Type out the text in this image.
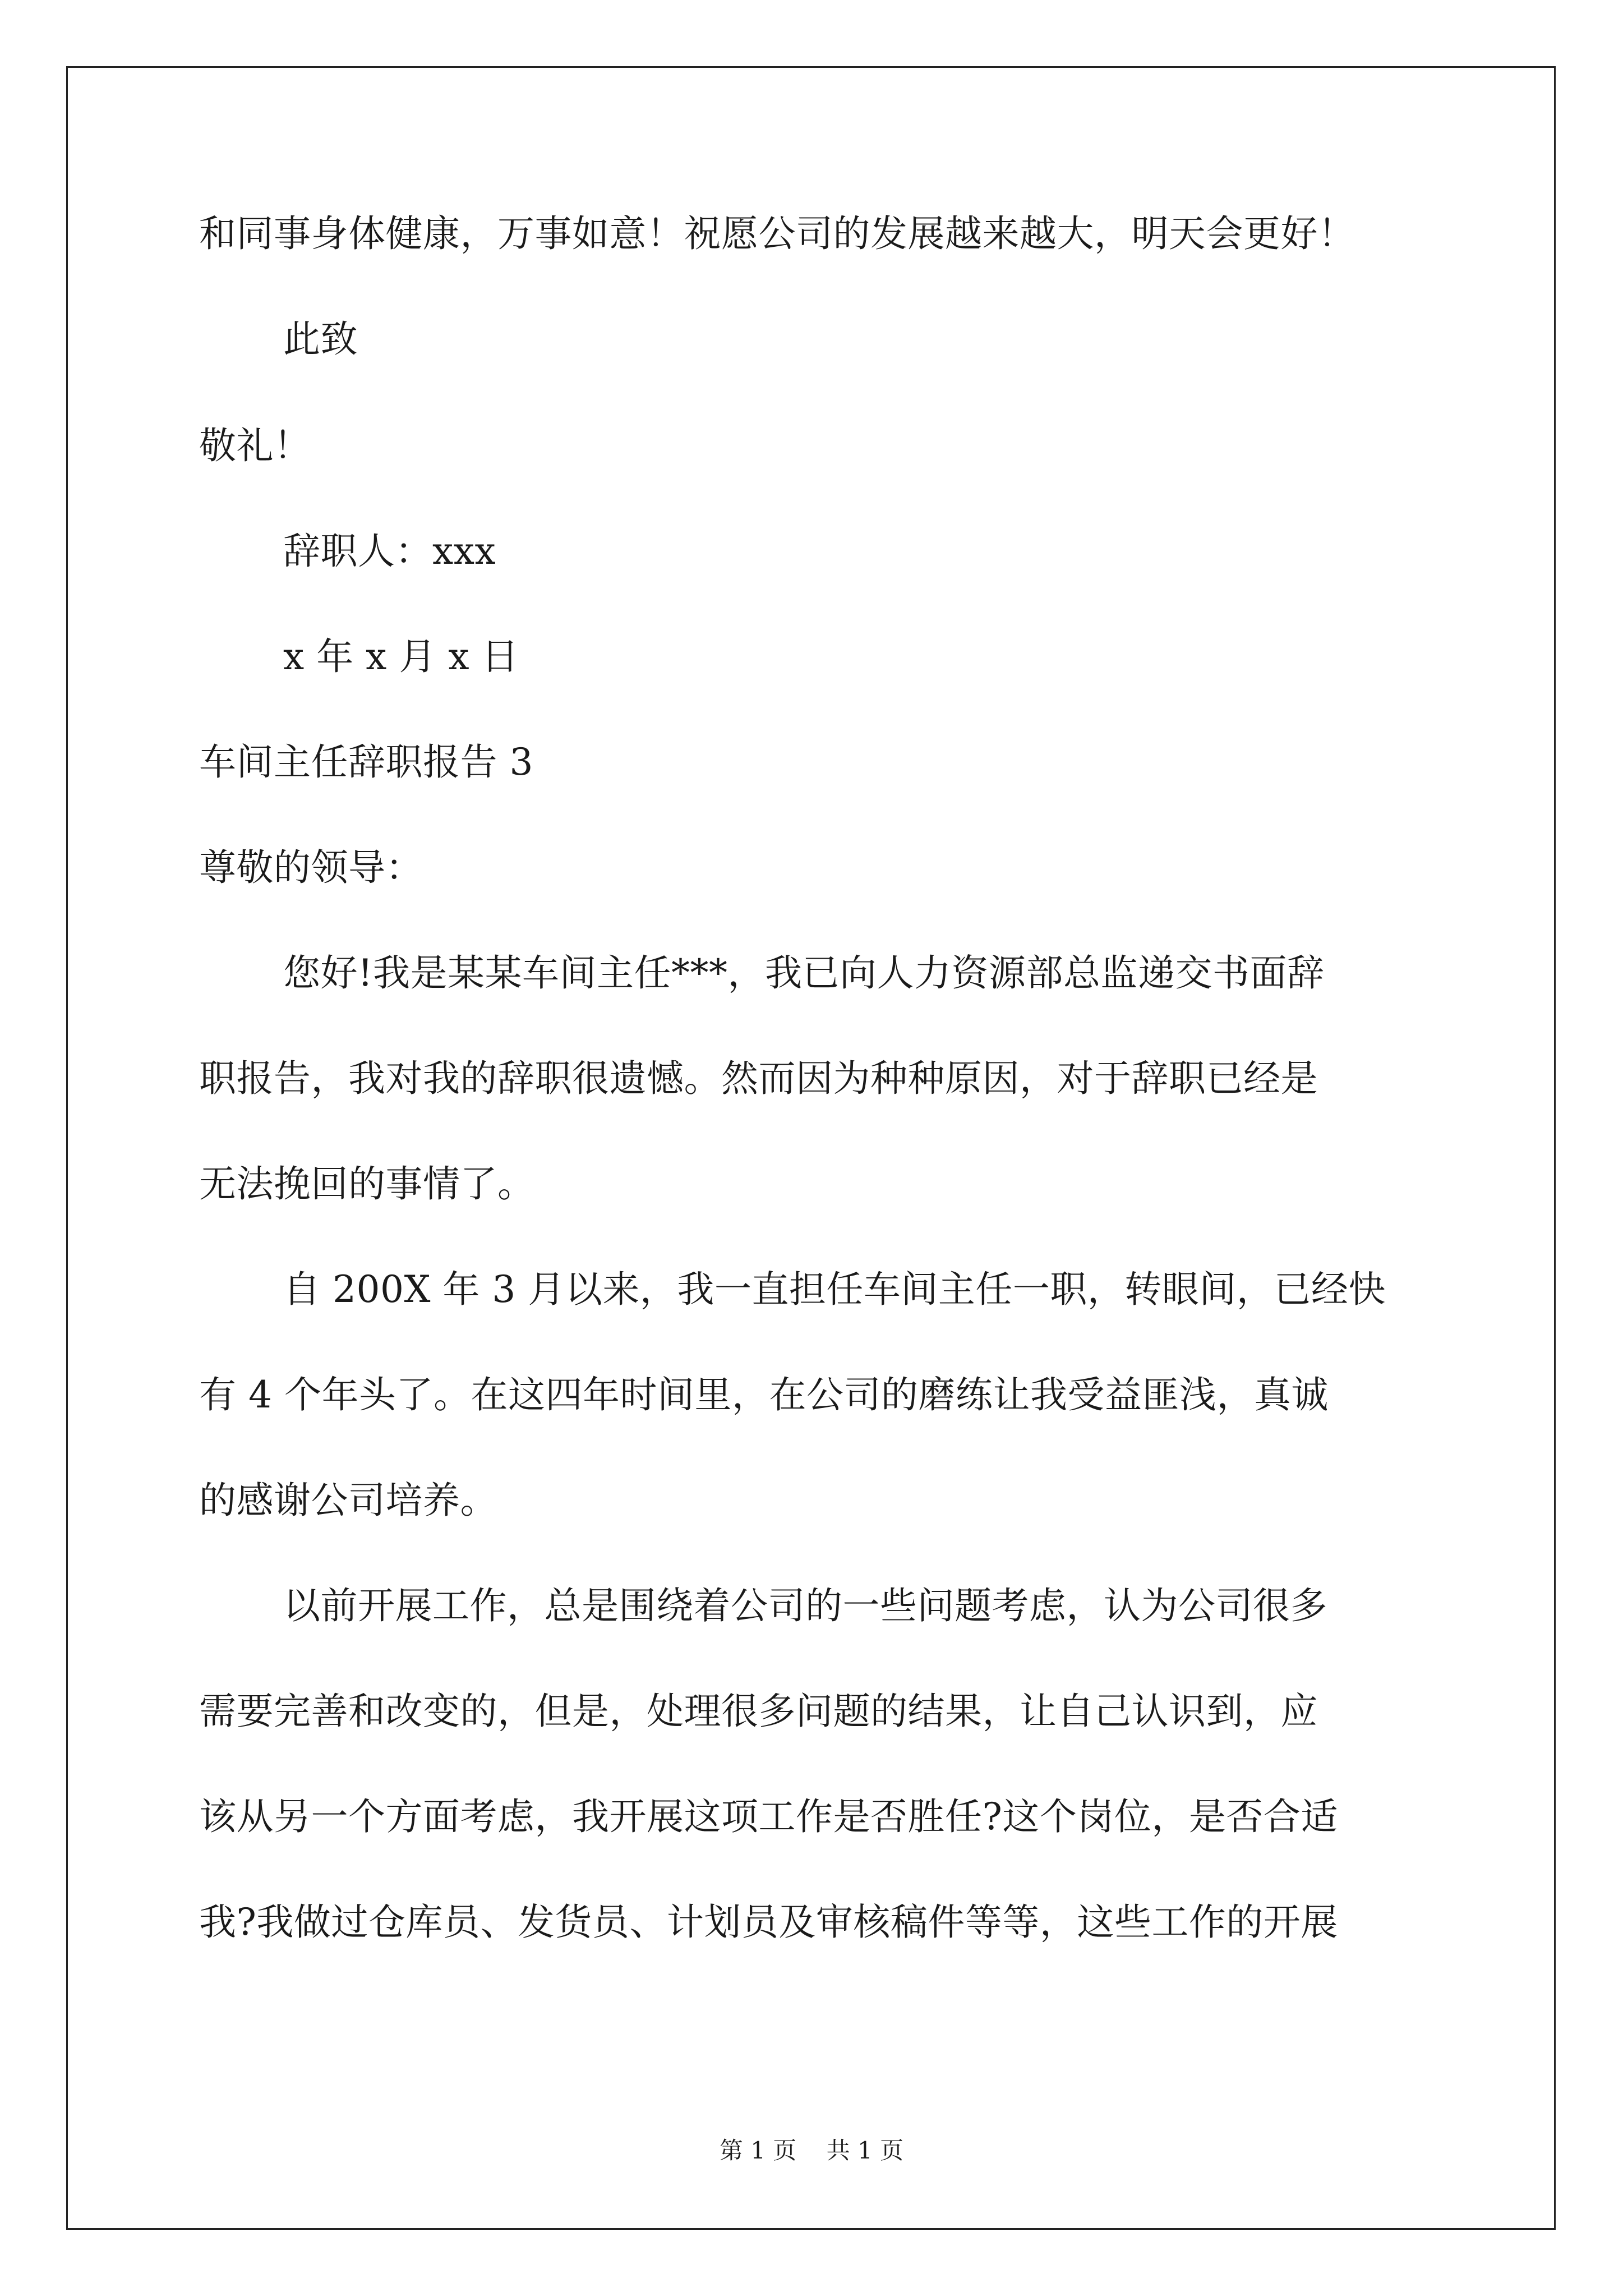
和同事身体健康，万事如意！祝愿公司的发展越来越大，明天会更好！
此致
敬礼！
辞职人：xxx
x 年 x 月 x 日
车间主任辞职报告 3
尊敬的领导：
您好!我是某某车间主任***，我已向人力资源部总监递交书面辞
职报告，我对我的辞职很遗憾。然而因为种种原因，对于辞职已经是
无法挽回的事情了。
自 200X 年 3 月以来，我一直担任车间主任一职，转眼间，已经快
有 4 个年头了。在这四年时间里，在公司的磨练让我受益匪浅，真诚
的感谢公司培养。
以前开展工作，总是围绕着公司的一些问题考虑，认为公司很多
需要完善和改变的，但是，处理很多问题的结果，让自己认识到，应
该从另一个方面考虑，我开展这项工作是否胜任?这个岗位，是否合适
我?我做过仓库员、发货员、计划员及审核稿件等等，这些工作的开展
第 1 页    共 1 页
